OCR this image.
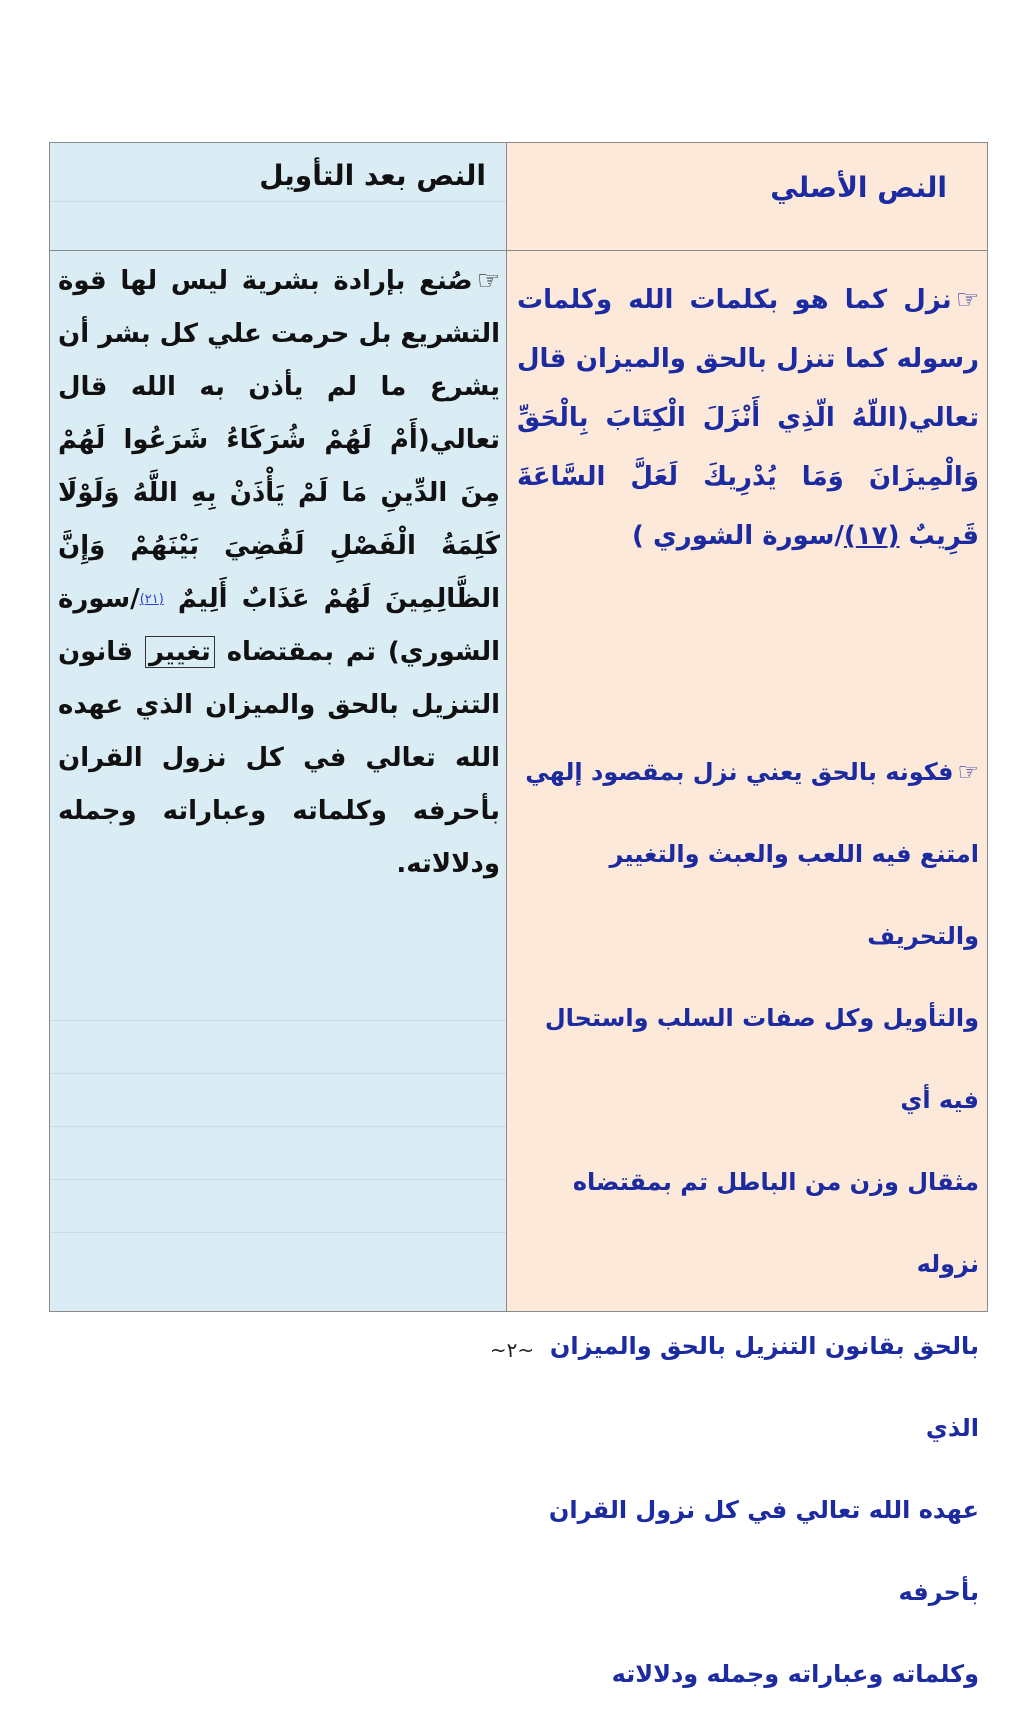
النص الأصلي
☞نزل كما هو بكلمات الله وكلمات رسوله كما تنزل بالحق والميزان قال تعالي(اللّهُ الّذِي أَنْزَلَ الْكِتَابَ بِالْحَقِّ وَالْمِيزَانَ وَمَا يُدْرِيكَ لَعَلَّ السَّاعَةَ قَرِيبٌ (١٧)/سورة الشوري )

☞فكونه بالحق يعني نزل بمقصود إلهي

امتنع فيه اللعب والعبث والتغيير والتحريف

والتأويل وكل صفات السلب واستحال فيه أي

مثقال وزن من الباطل تم بمقتضاه نزوله

بالحق بقانون التنزيل بالحق والميزان الذي

عهده الله تعالي في كل نزول القران بأحرفه

وكلماته وعباراته وجمله ودلالاته

النص بعد التأويل
☞صُنع بإرادة بشرية ليس لها قوة التشريع بل حرمت علي كل بشر أن يشرع ما لم يأذن به الله قال تعالي(أَمْ لَهُمْ شُرَكَاءُ شَرَعُوا لَهُمْ مِنَ الدِّينِ مَا لَمْ يَأْذَنْ بِهِ اللَّهُ وَلَوْلَا كَلِمَةُ الْفَصْلِ لَقُضِيَ بَيْنَهُمْ وَإِنَّ الظَّالِمِينَ لَهُمْ عَذَابٌ أَلِيمٌ (٢١)/سورة الشوري) تم بمقتضاه تغيير قانون التنزيل بالحق والميزان الذي عهده الله تعالي في كل نزول القران بأحرفه وكلماته وعباراته وجمله ودلالاته.
~٢~
